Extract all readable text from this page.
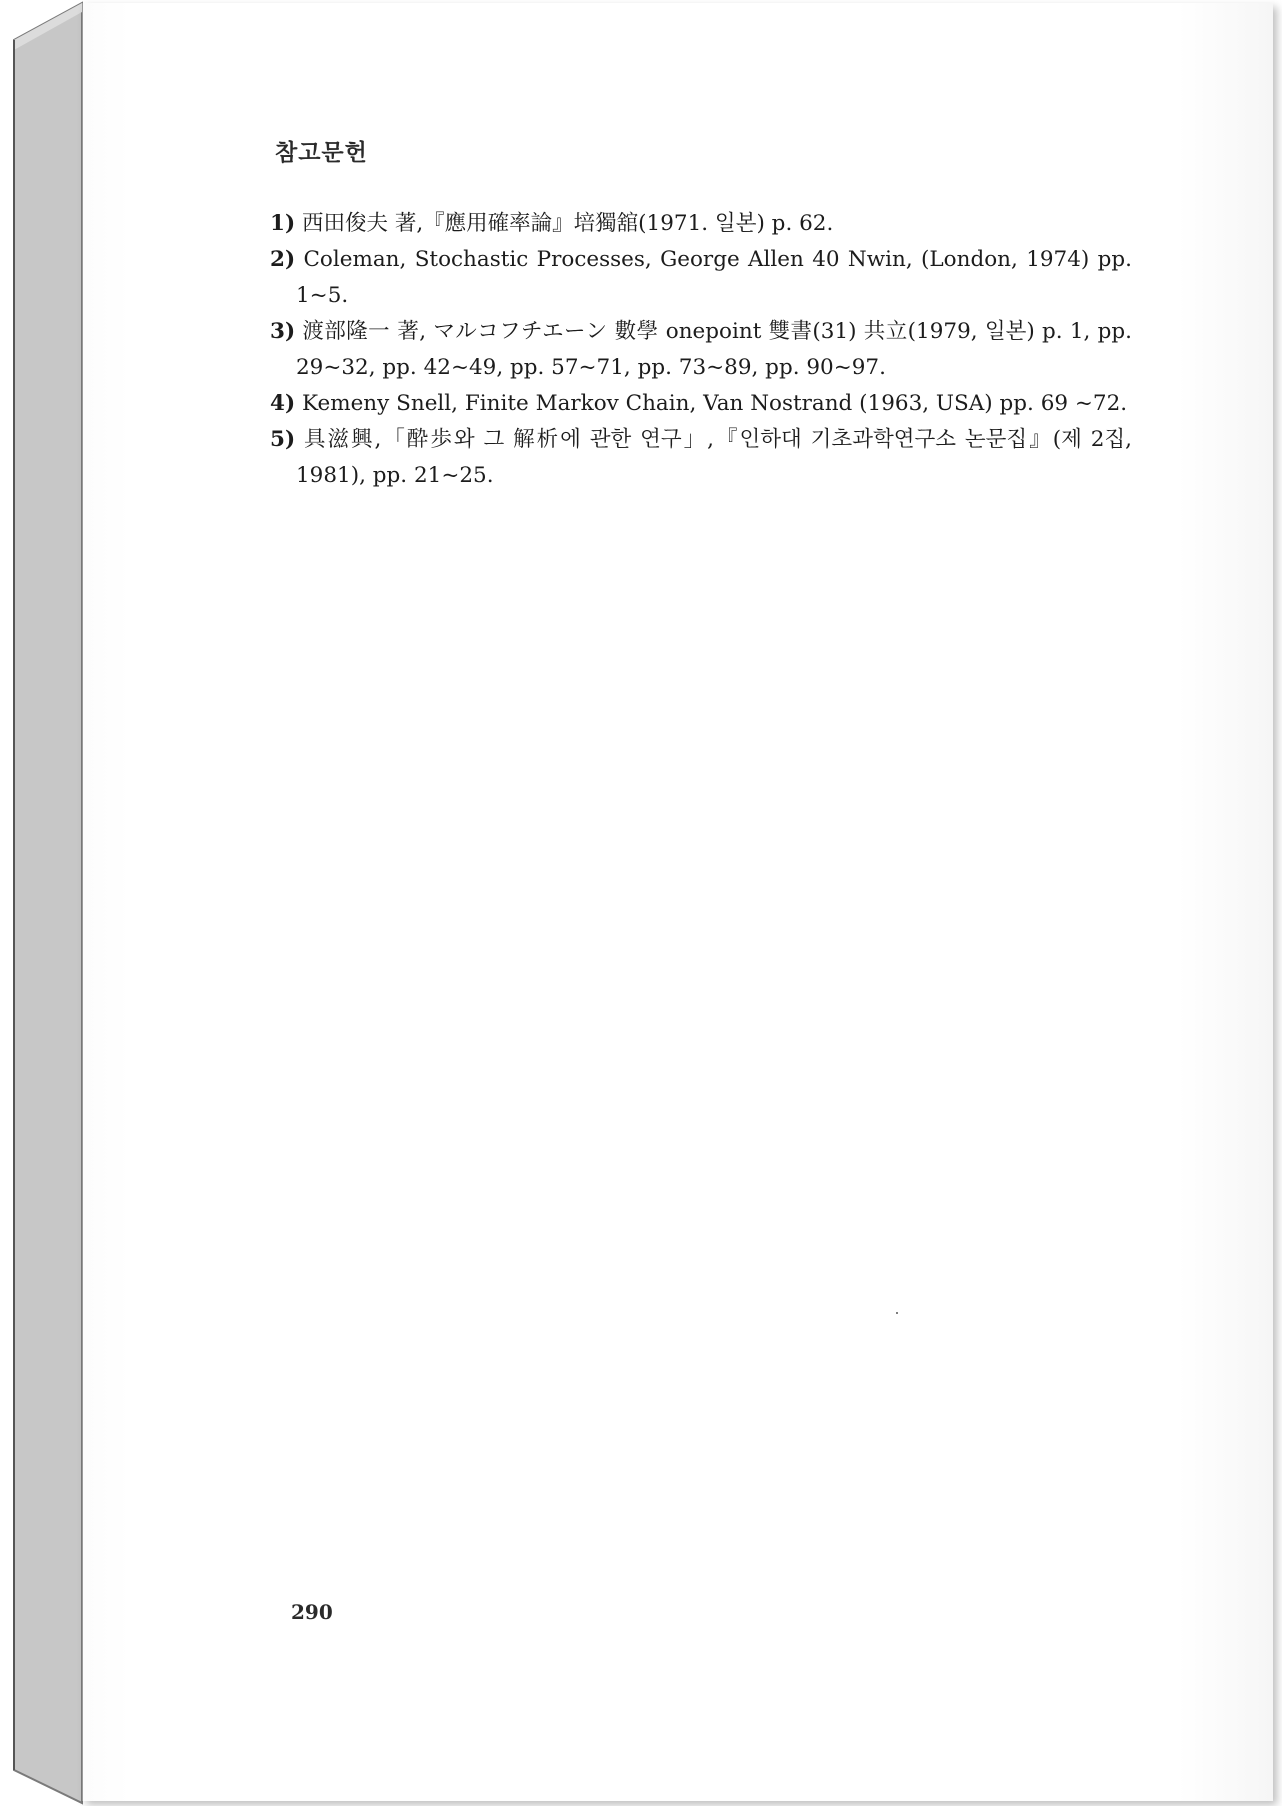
참고문헌
1) 西田俊夫 著,『應用確率論』培獨舘(1971. 일본) p. 62.
2) Coleman, Stochastic Processes, George Allen 40 Nwin, (London, 1974) pp. 1~5.
3) 渡部隆一 著, マルコフチエーン 數學 onepoint 雙書(31) 共立(1979, 일본) p. 1, pp. 29~32, pp. 42~49, pp. 57~71, pp. 73~89, pp. 90~97.
4) Kemeny Snell, Finite Markov Chain, Van Nostrand (1963, USA) pp. 69 ~72.
5) 具滋興,「酔歩와 그 解析에 관한 연구」,『인하대 기초과학연구소 논문집』(제 2집, 1981), pp. 21~25.
290
